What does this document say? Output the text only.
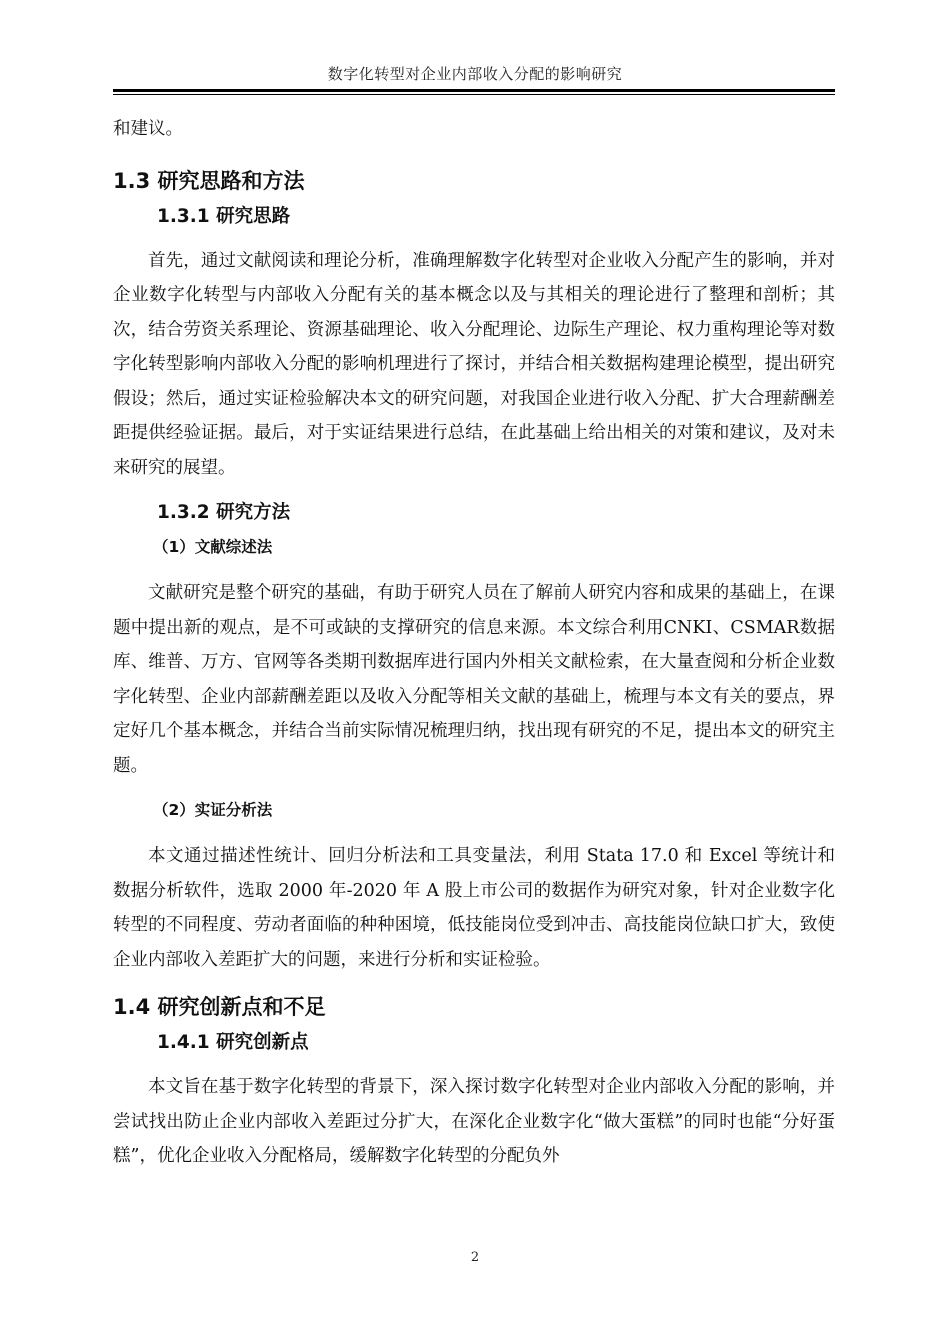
数字化转型对企业内部收入分配的影响研究

和建议。

1.3 研究思路和方法
1.3.1 研究思路

首先，通过文献阅读和理论分析，准确理解数字化转型对企业收入分配产生的影响，并对企业数字化转型与内部收入分配有关的基本概念以及与其相关的理论进行了整理和剖析；其次，结合劳资关系理论、资源基础理论、收入分配理论、边际生产理论、权力重构理论等对数字化转型影响内部收入分配的影响机理进行了探讨，并结合相关数据构建理论模型，提出研究假设；然后，通过实证检验解决本文的研究问题，对我国企业进行收入分配、扩大合理薪酬差距提供经验证据。最后，对于实证结果进行总结，在此基础上给出相关的对策和建议，及对未来研究的展望。

1.3.2 研究方法
（1）文献综述法

文献研究是整个研究的基础，有助于研究人员在了解前人研究内容和成果的基础上，在课题中提出新的观点，是不可或缺的支撑研究的信息来源。本文综合利用CNKI、CSMAR数据库、维普、万方、官网等各类期刊数据库进行国内外相关文献检索，在大量查阅和分析企业数字化转型、企业内部薪酬差距以及收入分配等相关文献的基础上，梳理与本文有关的要点，界定好几个基本概念，并结合当前实际情况梳理归纳，找出现有研究的不足，提出本文的研究主题。

（2）实证分析法

本文通过描述性统计、回归分析法和工具变量法，利用 Stata 17.0 和 Excel 等统计和数据分析软件，选取 2000 年-2020 年 A 股上市公司的数据作为研究对象，针对企业数字化转型的不同程度、劳动者面临的种种困境，低技能岗位受到冲击、高技能岗位缺口扩大，致使企业内部收入差距扩大的问题，来进行分析和实证检验。

1.4 研究创新点和不足
1.4.1 研究创新点

本文旨在基于数字化转型的背景下，深入探讨数字化转型对企业内部收入分配的影响，并尝试找出防止企业内部收入差距过分扩大，在深化企业数字化“做大蛋糕”的同时也能“分好蛋糕”，优化企业收入分配格局，缓解数字化转型的分配负外

2
